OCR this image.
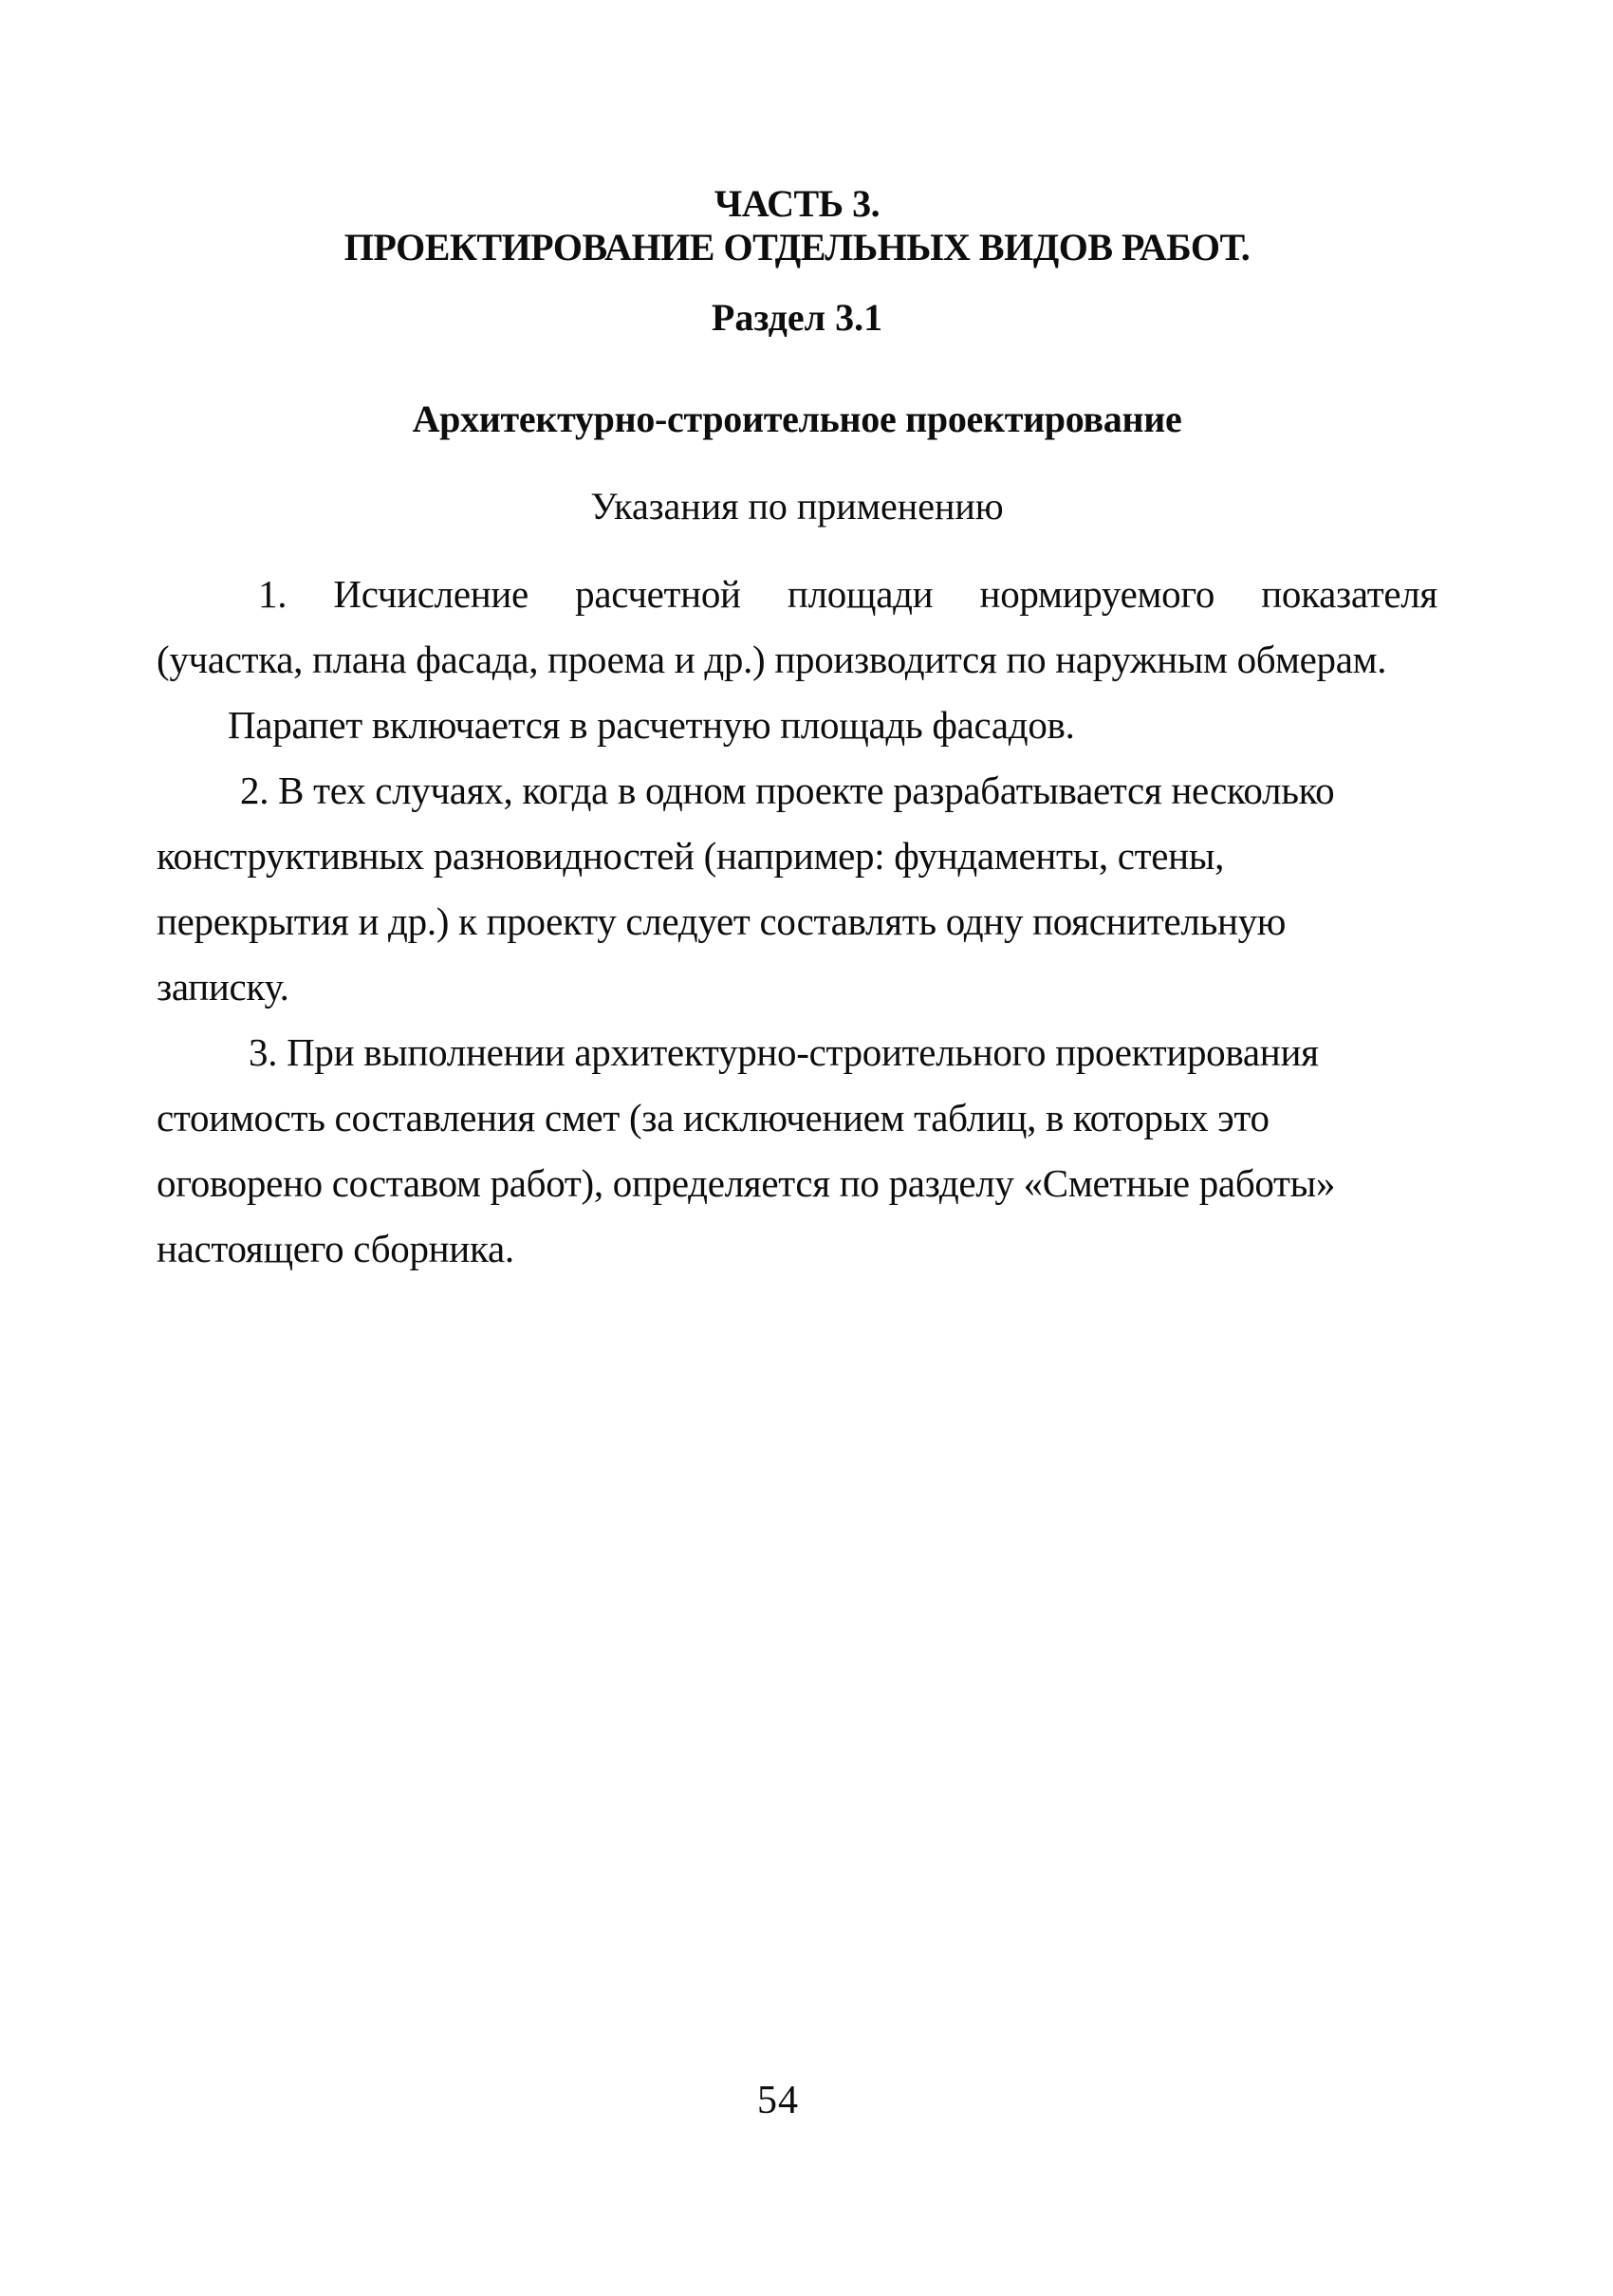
ЧАСТЬ 3.
ПРОЕКТИРОВАНИЕ ОТДЕЛЬНЫХ ВИДОВ РАБОТ.
Раздел 3.1
Архитектурно-строительное проектирование
Указания по применению
1. Исчисление расчетной площади нормируемого показателя
(участка, плана фасада, проема и др.) производится по наружным обмерам.
Парапет включается в расчетную площадь фасадов.
2. В тех случаях, когда в одном проекте разрабатывается несколько
конструктивных разновидностей (например: фундаменты, стены,
перекрытия и др.) к проекту следует составлять одну пояснительную
записку.
3. При выполнении архитектурно-строительного проектирования
стоимость составления смет (за исключением таблиц, в которых это
оговорено составом работ), определяется по разделу «Сметные работы»
настоящего сборника.
54
